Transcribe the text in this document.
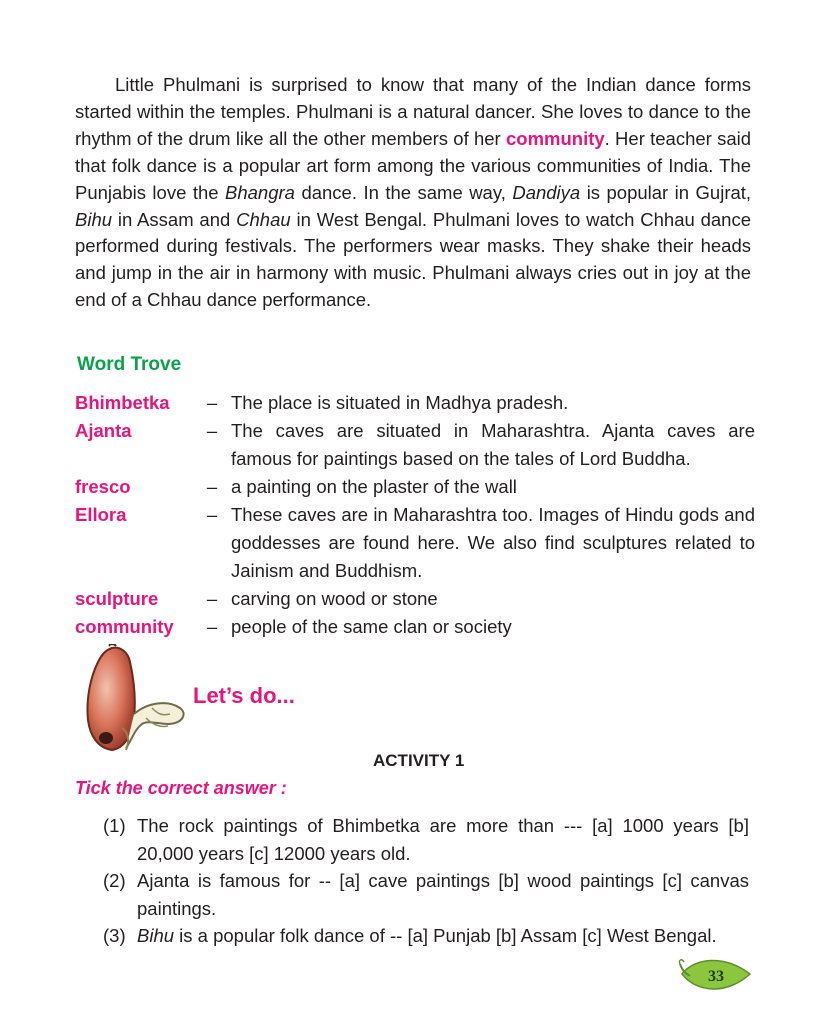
Little Phulmani is surprised to know that many of the Indian dance forms started within the temples. Phulmani is a natural dancer. She loves to dance to the rhythm of the drum like all the other members of her community. Her teacher said that folk dance is a popular art form among the various communities of India. The Punjabis love the Bhangra dance. In the same way, Dandiya is popular in Gujrat, Bihu in Assam and Chhau in West Bengal. Phulmani loves to watch Chhau dance performed during festivals. The performers wear masks. They shake their heads and jump in the air in harmony with music. Phulmani always cries out in joy at the end of a Chhau dance performance.

Word Trove
Bhimbetka	– The place is situated in Madhya pradesh.
Ajanta	– The caves are situated in Maharashtra. Ajanta caves are famous for paintings based on the tales of Lord Buddha.
fresco	– a painting on the plaster of the wall
Ellora	– These caves are in Maharashtra too. Images of Hindu gods and goddesses are found here. We also find sculptures related to Jainism and Buddhism.
sculpture	– carving on wood or stone
community	– people of the same clan or society
Let’s do...
ACTIVITY 1
Tick the correct answer :
(1) The rock paintings of Bhimbetka are more than --- [a] 1000 years [b] 20,000 years [c] 12000 years old.
(2) Ajanta is famous for -- [a] cave paintings [b] wood paintings [c] canvas paintings.
(3) Bihu is a popular folk dance of -- [a] Punjab [b] Assam [c] West Bengal.
33
